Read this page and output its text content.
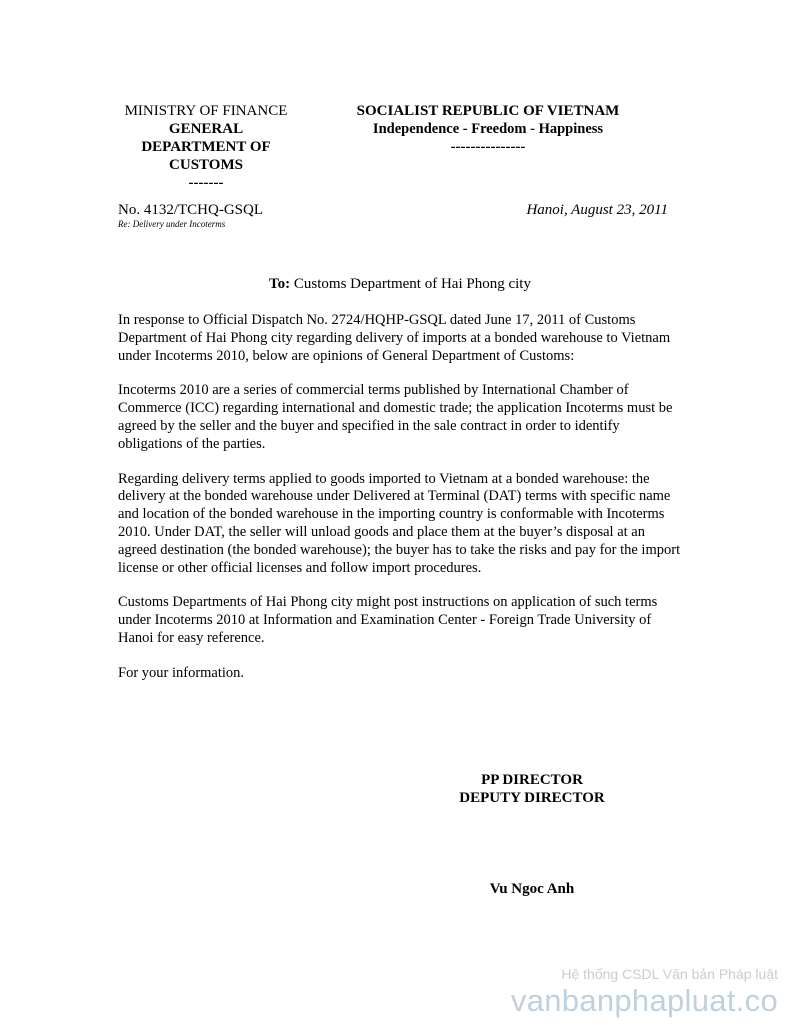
MINISTRY OF FINANCE
GENERAL
DEPARTMENT OF
CUSTOMS
-------
SOCIALIST REPUBLIC OF VIETNAM
Independence - Freedom - Happiness
---------------
No. 4132/TCHQ-GSQL
Re: Delivery under Incoterms
Hanoi, August 23, 2011
To: Customs Department of Hai Phong city

In response to Official Dispatch No. 2724/HQHP-GSQL dated June 17, 2011 of Customs Department of Hai Phong city regarding delivery of imports at a bonded warehouse to Vietnam under Incoterms 2010, below are opinions of General Department of Customs:

Incoterms 2010 are a series of commercial terms published by International Chamber of Commerce (ICC) regarding international and domestic trade; the application Incoterms must be agreed by the seller and the buyer and specified in the sale contract in order to identify obligations of the parties.

Regarding delivery terms applied to goods imported to Vietnam at a bonded warehouse: the delivery at the bonded warehouse under Delivered at Terminal (DAT) terms with specific name and location of the bonded warehouse in the importing country is conformable with Incoterms 2010. Under DAT, the seller will unload goods and place them at the buyer’s disposal at an agreed destination (the bonded warehouse); the buyer has to take the risks and pay for the import license or other official licenses and follow import procedures.

Customs Departments of Hai Phong city might post instructions on application of such terms under Incoterms 2010 at Information and Examination Center - Foreign Trade University of Hanoi for easy reference.

For your information.

PP DIRECTOR
DEPUTY DIRECTOR
Vu Ngoc Anh
Hệ thống CSDL Văn bản Pháp luật
vanbanphapluat.co
